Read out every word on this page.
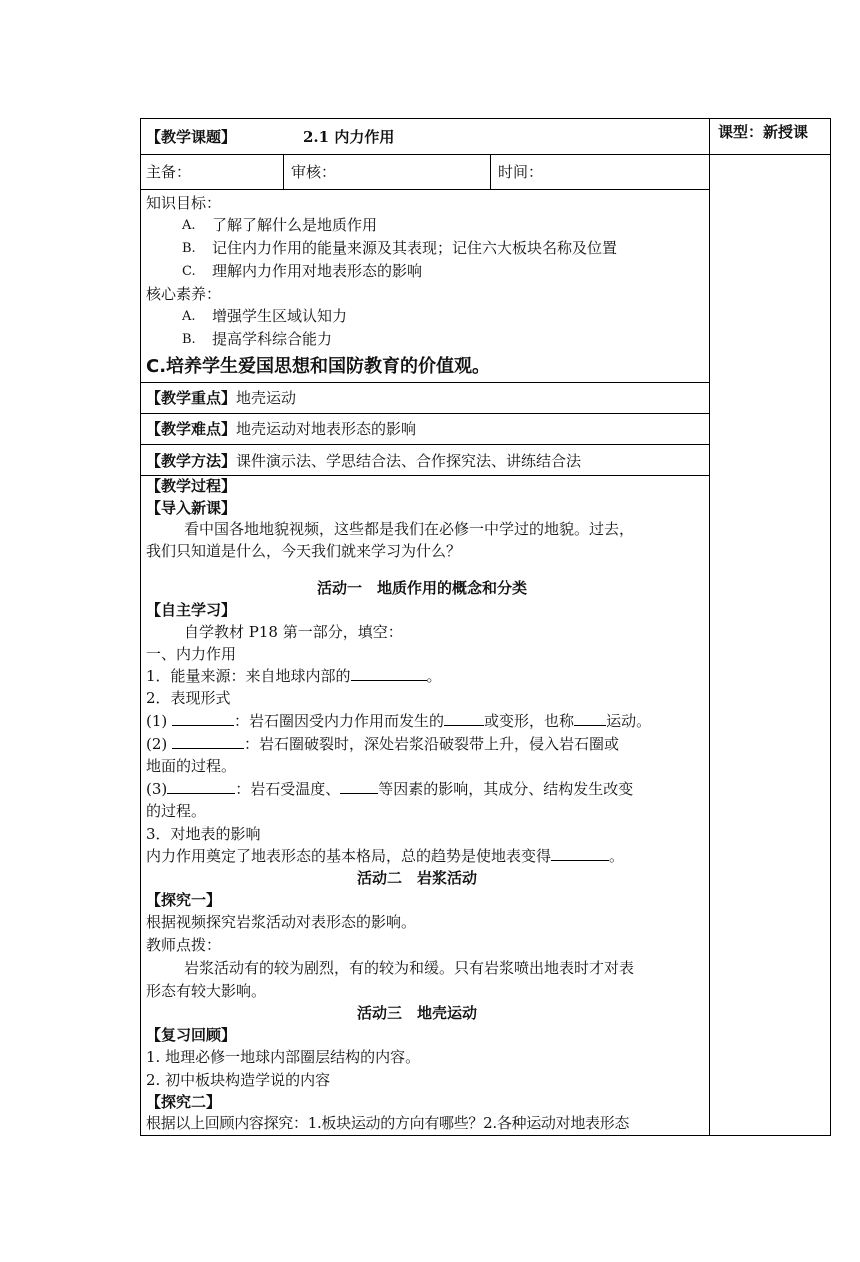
【教学课题】	2.1 内力作用	课型：新授课
主备：	审核：	时间：
知识目标：
A. 了解了解什么是地质作用
B. 记住内力作用的能量来源及其表现；记住六大板块名称及位置
C. 理解内力作用对地表形态的影响
核心素养：
A. 增强学生区域认知力
B. 提高学科综合能力
C.培养学生爱国思想和国防教育的价值观。
【教学重点】地壳运动
【教学难点】地壳运动对地表形态的影响
【教学方法】课件演示法、学思结合法、合作探究法、讲练结合法
【教学过程】
【导入新课】
看中国各地地貌视频，这些都是我们在必修一中学过的地貌。过去，
我们只知道是什么，今天我们就来学习为什么？
活动一　地质作用的概念和分类
【自主学习】
自学教材 P18 第一部分，填空：
一、内力作用
1．能量来源：来自地球内部的	。
2．表现形式
(1)	：岩石圈因受内力作用而发生的	或变形，也称 运动。
(2)	：岩石圈破裂时，深处岩浆沿破裂带上升，侵入岩石圈或
地面的过程。
(3)	：岩石受温度、	等因素的影响，其成分、结构发生改变
的过程。
3．对地表的影响
内力作用奠定了地表形态的基本格局，总的趋势是使地表变得	。
活动二　岩浆活动
【探究一】
根据视频探究岩浆活动对表形态的影响。
教师点拨：
岩浆活动有的较为剧烈，有的较为和缓。只有岩浆喷出地表时才对表
形态有较大影响。
活动三　地壳运动
【复习回顾】
1. 地理必修一地球内部圈层结构的内容。
2. 初中板块构造学说的内容
【探究二】
根据以上回顾内容探究：1.板块运动的方向有哪些？2.各种运动对地表形态
